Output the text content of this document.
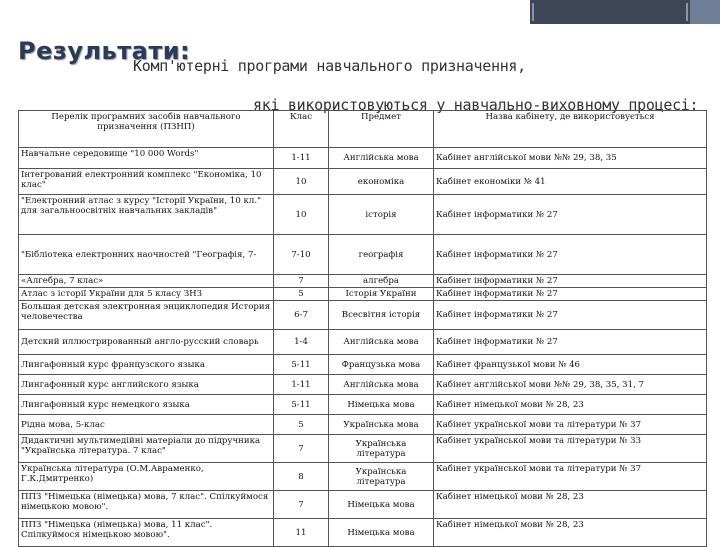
Результати:
Комп'ютерні програми навчального призначення,
які використовуються у навчально-виховному процесі:
Перелік програмних засобів навчального призначення (ПЗНП)	Клас	Предмет	Назва кабінету, де використовується
Навчальне середовище "10 000 Words"	1-11	Англійська мова	Кабінет англійської мови №№ 29, 38, 35
Інтегрований електронний комплекс "Економіка, 10 клас"	10	економіка	Кабінет економіки № 41
"Електронний атлас з курсу "Історії України, 10 кл." для загальноосвітніх навчальних закладів"	10	історія	Кабінет інформатики № 27
"Бібліотека електронних наочностей "Географія, 7-	7-10	географія	Кабінет інформатики № 27
«Алгебра, 7 клас»	7	алгебра	Кабінет інформатики № 27
Атлас з історії України для 5 класу ЗНЗ	5	Історія України	Кабінет інформатики № 27
Большая детская электронная энциклопедия История человечества	6-7	Всесвітня історія	Кабінет інформатики № 27
Детский иллюстрированный англо-русский словарь	1-4	Англійська мова	Кабінет інформатики № 27
Лингафонный курс французского языка	5-11	Французька мова	Кабінет французької мови № 46
Лингафонный курс английского языка	1-11	Англійська мова	Кабінет англійської мови №№ 29, 38, 35, 31, 7
Лингафонный курс немецкого языка	5-11	Німецька мова	Кабінет німецької мови № 28, 23
Рідна мова, 5-клас	5	Українська мова	Кабінет української мови та літератури № 37
Дидактичні мультимедійні матеріали до підручника "Українська література. 7 клас"	7	Українська література	Кабінет української мови та літератури № 33
Українська література (О.М.Авраменко, Г.К.Дмитренко)	8	Українська література	Кабінет української мови та літератури № 37
ППЗ "Німецька (німецька) мова, 7 клас". Спілкуймося німецькою мовою".	7	Німецька мова	Кабінет німецької мови № 28, 23
ППЗ "Німецька (німецька) мова, 11 клас". Спілкуймося німецькою мовою".	11	Німецька мова	Кабінет німецької мови № 28, 23
